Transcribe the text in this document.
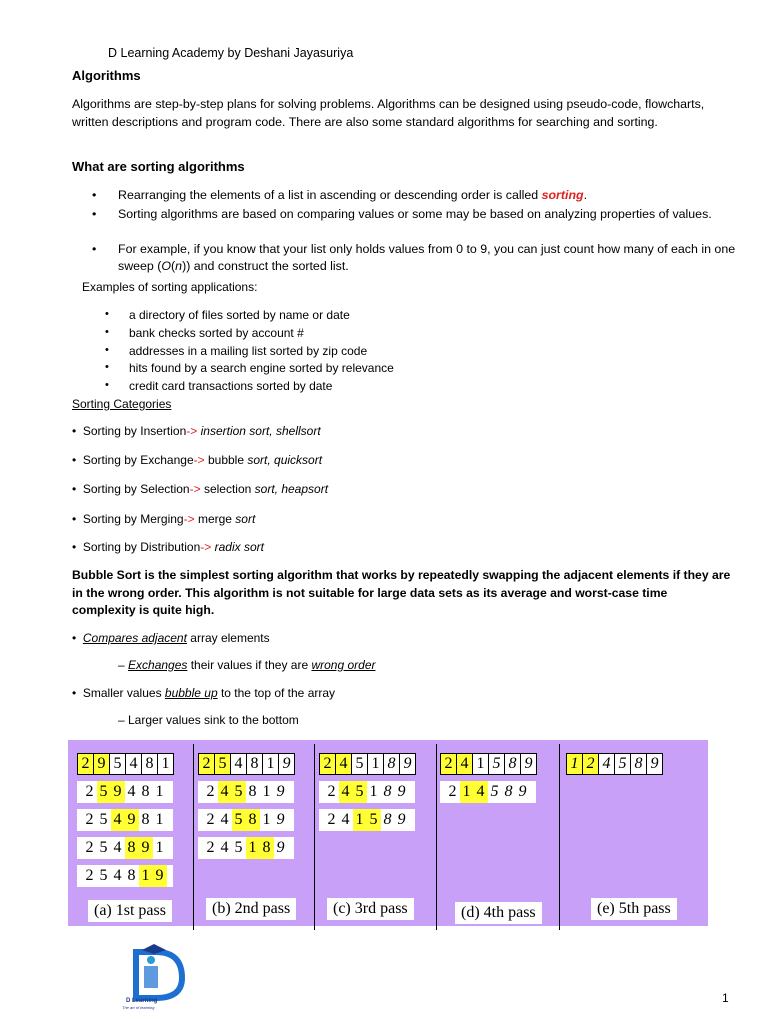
D Learning Academy by Deshani Jayasuriya
Algorithms
Algorithms are step-by-step plans for solving problems. Algorithms can be designed using pseudo-code, flowcharts, written descriptions and program code. There are also some standard algorithms for searching and sorting.
What are sorting algorithms
• Rearranging the elements of a list in ascending or descending order is called sorting.
• Sorting algorithms are based on comparing values or some may be based on analyzing properties of values.
• For example, if you know that your list only holds values from 0 to 9, you can just count how many of each in one sweep (O(n)) and construct the sorted list.
Examples of sorting applications:
• a directory of files sorted by name or date
• bank checks sorted by account #
• addresses in a mailing list sorted by zip code
• hits found by a search engine sorted by relevance
• credit card transactions sorted by date
Sorting Categories
•  Sorting by Insertion-> insertion sort, shellsort
•  Sorting by Exchange-> bubble sort, quicksort
•  Sorting by Selection-> selection sort, heapsort
•  Sorting by Merging-> merge sort
•  Sorting by Distribution-> radix sort
Bubble Sort is the simplest sorting algorithm that works by repeatedly swapping the adjacent elements if they are in the wrong order. This algorithm is not suitable for large data sets as its average and worst-case time complexity is quite high.
• Compares adjacent array elements
– Exchanges their values if they are wrong order
• Smaller values bubble up to the top of the array
– Larger values sink to the bottom
2 9 5 4 8 1
2 5 9 4 8 1
2 5 4 9 8 1
2 5 4 8 9 1
2 5 4 8 1 9
(a) 1st pass
2 5 4 8 1 9
2 4 5 8 1 9
2 4 5 8 1 9
2 4 5 1 8 9
(b) 2nd pass
2 4 5 1 8 9
2 4 5 1 8 9
2 4 1 5 8 9
(c) 3rd pass
2 4 1 5 8 9
2 1 4 5 8 9
(d) 4th pass
1 2 4 5 8 9
(e) 5th pass
D Learning
The art of learning
1
